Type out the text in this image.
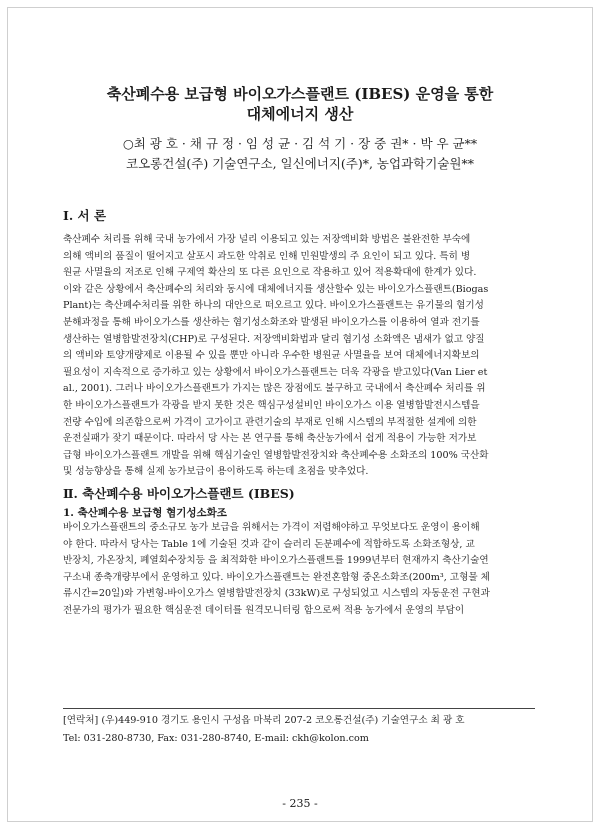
축산폐수용 보급형 바이오가스플랜트 (IBES) 운영을 통한
대체에너지 생산
○최 광 호 · 채 규 정 · 임 성 균 · 김 석 기 · 장 중 권* · 박 우 균**
코오롱건설(주) 기술연구소, 일신에너지(주)*, 농업과학기술원**
Ⅰ. 서 론

축산폐수 처리를 위해 국내 농가에서 가장 널리 이용되고 있는 저장액비화 방법은 불완전한 부숙에

의해 액비의 품질이 떨어지고 살포시 과도한 악취로 인해 민원발생의 주 요인이 되고 있다. 특히 병

원균 사멸율의 저조로 인해 구제역 확산의 또 다른 요인으로 작용하고 있어 적용확대에 한계가 있다.

이와 같은 상황에서 축산폐수의 처리와 동시에 대체에너지를 생산할수 있는 바이오가스플랜트(Biogas

Plant)는 축산폐수처리를 위한 하나의 대안으로 떠오르고 있다. 바이오가스플랜트는 유기물의 혐기성

분해과정을 통해 바이오가스를 생산하는 혐기성소화조와 발생된 바이오가스를 이용하여 열과 전기를

생산하는 열병합발전장치(CHP)로 구성된다. 저장액비화법과 달리 혐기성 소화액은 냄새가 없고 양질

의 액비와 토양개량제로 이용될 수 있을 뿐만 아니라 우수한 병원균 사멸율을 보여 대체에너지확보의

필요성이 지속적으로 증가하고 있는 상황에서 바이오가스플랜트는 더욱 각광을 받고있다(Van Lier et

al., 2001). 그러나 바이오가스플랜트가 가지는 많은 장점에도 불구하고 국내에서 축산폐수 처리를 위

한 바이오가스플랜트가 각광을 받지 못한 것은 핵심구성설비인 바이오가스 이용 열병합발전시스템을

전량 수입에 의존함으로써 가격이 고가이고 관련기술의 부재로 인해 시스템의 부적절한 설계에 의한

운전실패가 잦기 때문이다. 따라서 당 사는 본 연구를 통해 축산농가에서 쉽게 적용이 가능한 저가보

급형 바이오가스플랜트 개발을 위해 핵심기술인 열병합발전장치와 축산폐수용 소화조의 100% 국산화

및 성능향상을 통해 실제 농가보급이 용이하도록 하는데 초점을 맞추었다.

Ⅱ. 축산폐수용 바이오가스플랜트 (IBES)
1. 축산폐수용 보급형 혐기성소화조

바이오가스플랜트의 중소규모 농가 보급을 위해서는 가격이 저렴해야하고 무엇보다도 운영이 용이해

야 한다. 따라서 당사는 Table 1에 기술된 것과 같이 슬러리 돈분폐수에 적합하도록 소화조형상, 교

반장치, 가온장치, 폐열회수장치등 을 최적화한 바이오가스플랜트를 1999년부터 현재까지 축산기술연

구소내 종축개량부에서 운영하고 있다. 바이오가스플랜트는 완전혼합형 중온소화조(200m³, 고형물 체

류시간=20일)와 가변형-바이오가스 열병합발전장치 (33kW)로 구성되었고 시스템의 자동운전 구현과

전문가의 평가가 필요한 핵심운전 데이터를 원격모니터링 함으로써 적용 농가에서 운영의 부담이

[연락처] (우)449-910 경기도 용인시 구성읍 마북리 207-2 코오롱건설(주) 기술연구소 최 광 호
Tel: 031-280-8730, Fax: 031-280-8740, E-mail: ckh@kolon.com
- 235 -
